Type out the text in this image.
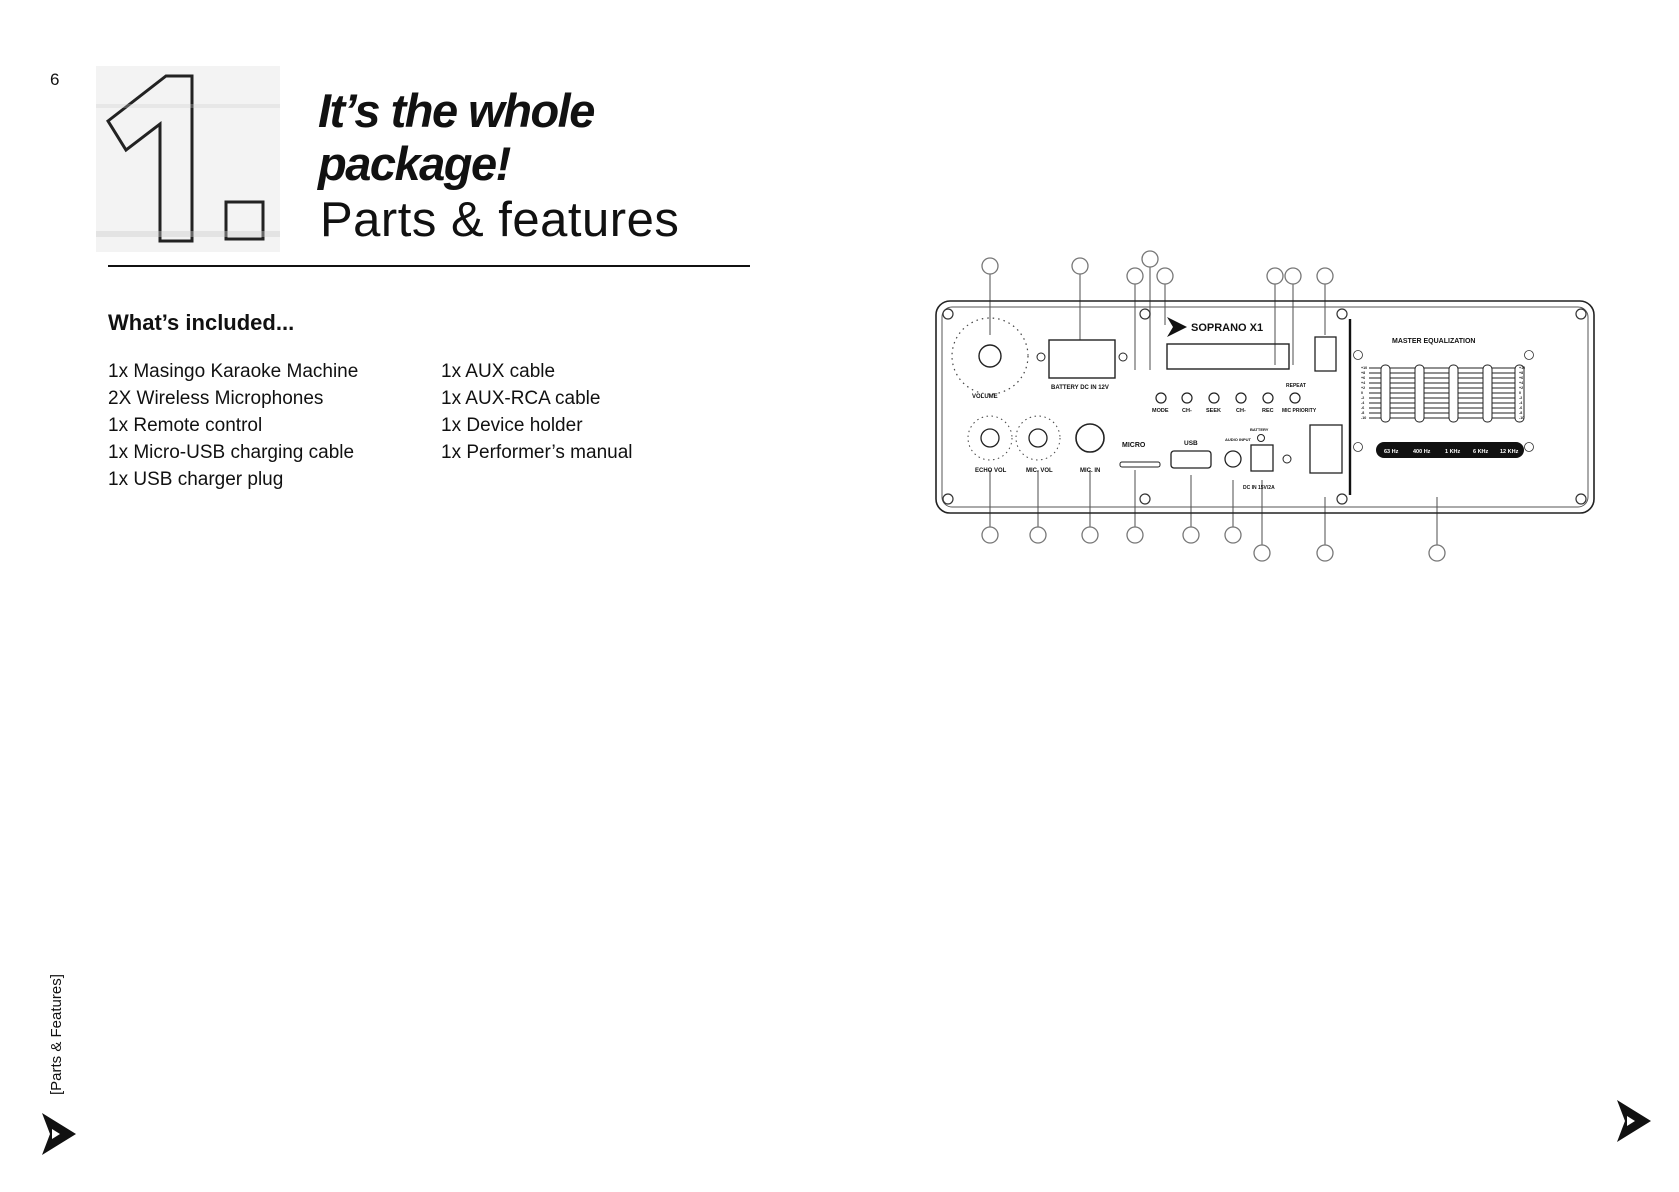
6
It’s the whole
package!
Parts & features
What’s included...
1x Masingo Karaoke Machine
2X Wireless Microphones
1x Remote control
1x Micro-USB charging cable
1x USB charger plug
1x AUX cable
1x AUX-RCA cable
1x Device holder
1x Performer’s manual
VOLUME
BATTERY DC IN 12V
SOPRANO X1
MODE CH-	SEEK	CH-	REC MIC PRIORITY
REPEAT
ECHO VOL	MIC. VOL	MIC. IN
MICRO	USB
AUDIO INPUT
BATTERY
DC IN 15V/2A
MASTER EQUALIZATION
+10
+8
+6
+4
+2
0
-2
-4
-6
-8
-10
63 Hz	400 Hz	1 KHz 6 KHz 12 KHz
+10
+8
+6
+4
+2
0
-2
-4
-6
-8
-10
[Parts & Features]
